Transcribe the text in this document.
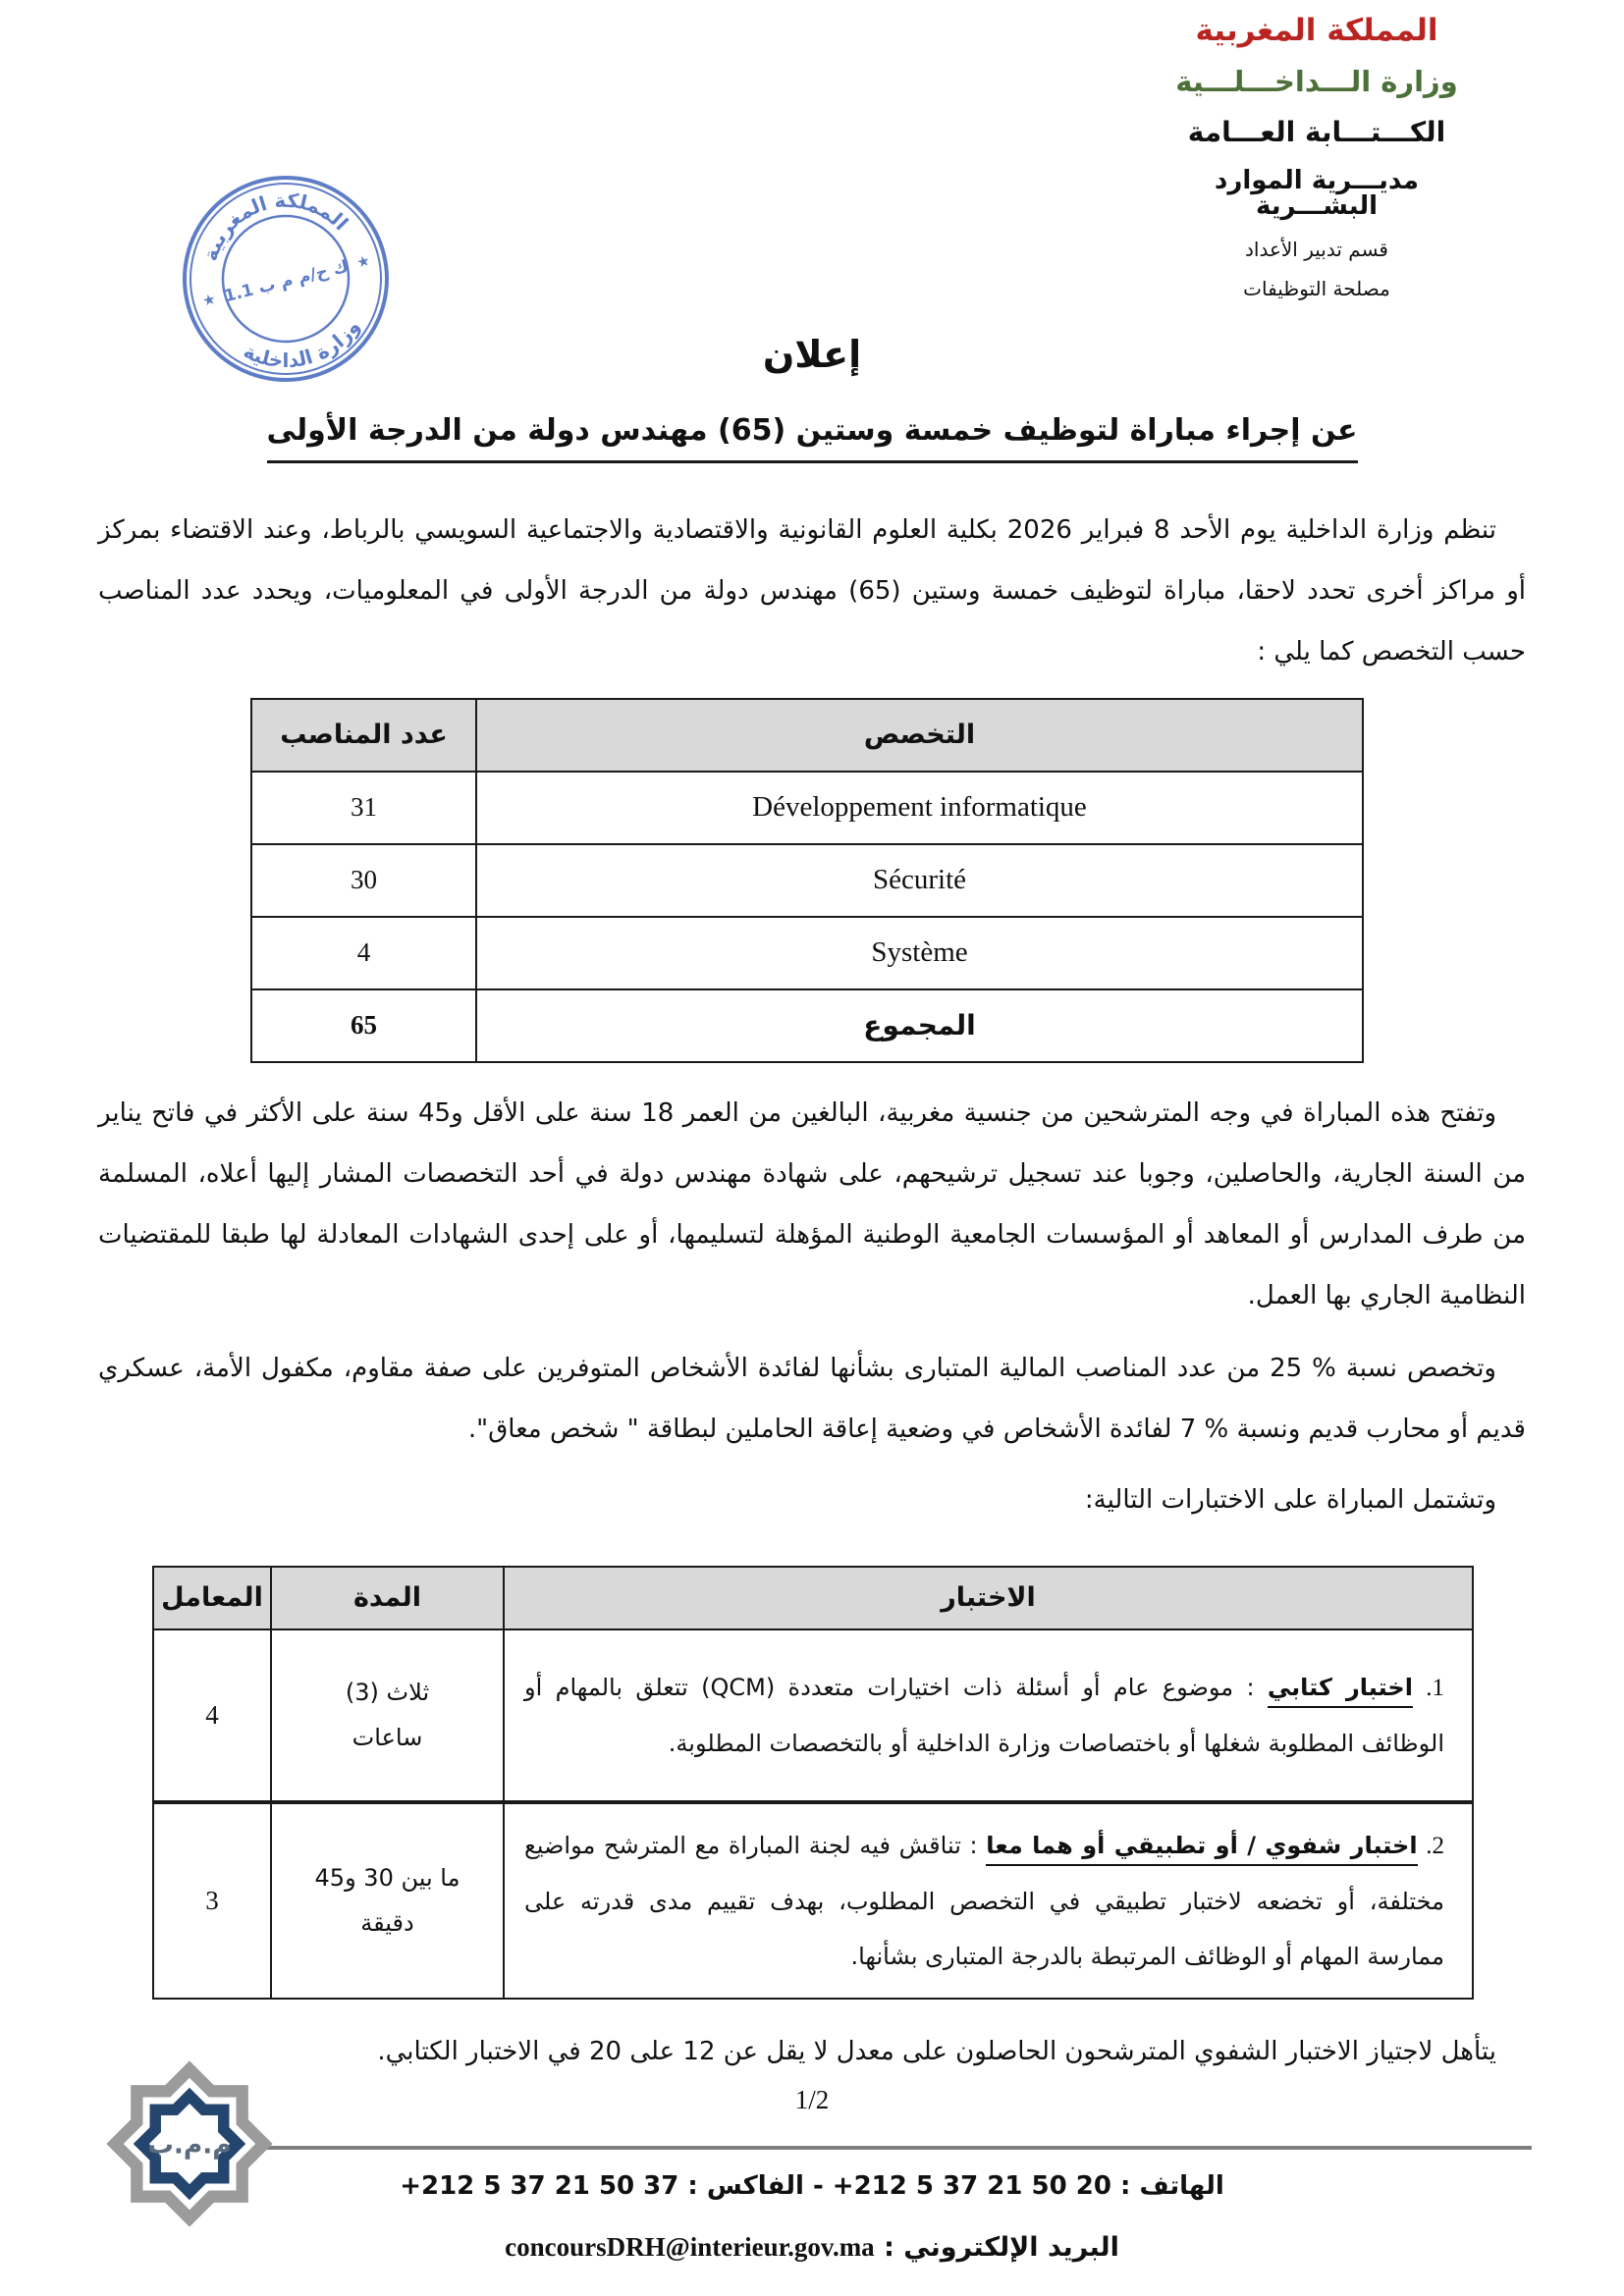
المملكة المغربية
وزارة الـــداخـــلـــية
الكـــتـــابة العـــامة
مديـــرية الموارد البشـــرية
قسم تدبير الأعداد
مصلحة التوظيفات
المملكة المغربية
وزارة الداخلية
ك ح/م م ب 1.1
★
★
إعلان
عن إجراء مباراة لتوظيف خمسة وستين (65) مهندس دولة من الدرجة الأولى

تنظم وزارة الداخلية يوم الأحد 8 فبراير 2026 بكلية العلوم القانونية والاقتصادية والاجتماعية السويسي بالرباط، وعند الاقتضاء بمركز أو مراكز أخرى تحدد لاحقا، مباراة لتوظيف خمسة وستين (65) مهندس دولة من الدرجة الأولى في المعلوميات، ويحدد عدد المناصب حسب التخصص كما يلي :

التخصص	عدد المناصب
Développement informatique	31
Sécurité	30
Système	4
المجموع	65

وتفتح هذه المباراة في وجه المترشحين من جنسية مغربية، البالغين من العمر 18 سنة على الأقل و45 سنة على الأكثر في فاتح يناير من السنة الجارية، والحاصلين، وجوبا عند تسجيل ترشيحهم، على شهادة مهندس دولة في أحد التخصصات المشار إليها أعلاه، المسلمة من طرف المدارس أو المعاهد أو المؤسسات الجامعية الوطنية المؤهلة لتسليمها، أو على إحدى الشهادات المعادلة لها طبقا للمقتضيات النظامية الجاري بها العمل.

وتخصص نسبة % 25 من عدد المناصب المالية المتبارى بشأنها لفائدة الأشخاص المتوفرين على صفة مقاوم، مكفول الأمة، عسكري قديم أو محارب قديم ونسبة % 7 لفائدة الأشخاص في وضعية إعاقة الحاملين لبطاقة " شخص معاق".

وتشتمل المباراة على الاختبارات التالية:

الاختبار	المدة	المعامل
1. اختبار كتابي : موضوع عام أو أسئلة ذات اختيارات متعددة (QCM) تتعلق بالمهام أو الوظائف المطلوبة شغلها أو باختصاصات وزارة الداخلية أو بالتخصصات المطلوبة.	ثلاث (3) ساعات	4
2. اختبار شفوي / أو تطبيقي أو هما معا : تناقش فيه لجنة المباراة مع المترشح مواضيع مختلفة، أو تخضعه لاختبار تطبيقي في التخصص المطلوب، بهدف تقييم مدى قدرته على ممارسة المهام أو الوظائف المرتبطة بالدرجة المتبارى بشأنها.	ما بين 30 و45 دقيقة	3

يتأهل لاجتياز الاختبار الشفوي المترشحون الحاصلون على معدل لا يقل عن 12 على 20 في الاختبار الكتابي.

1/2
م.م.ب
الهاتف : +212 5 37 21 50 20 - الفاكس : +212 5 37 21 50 37
البريد الإلكتروني : concoursDRH@interieur.gov.ma
